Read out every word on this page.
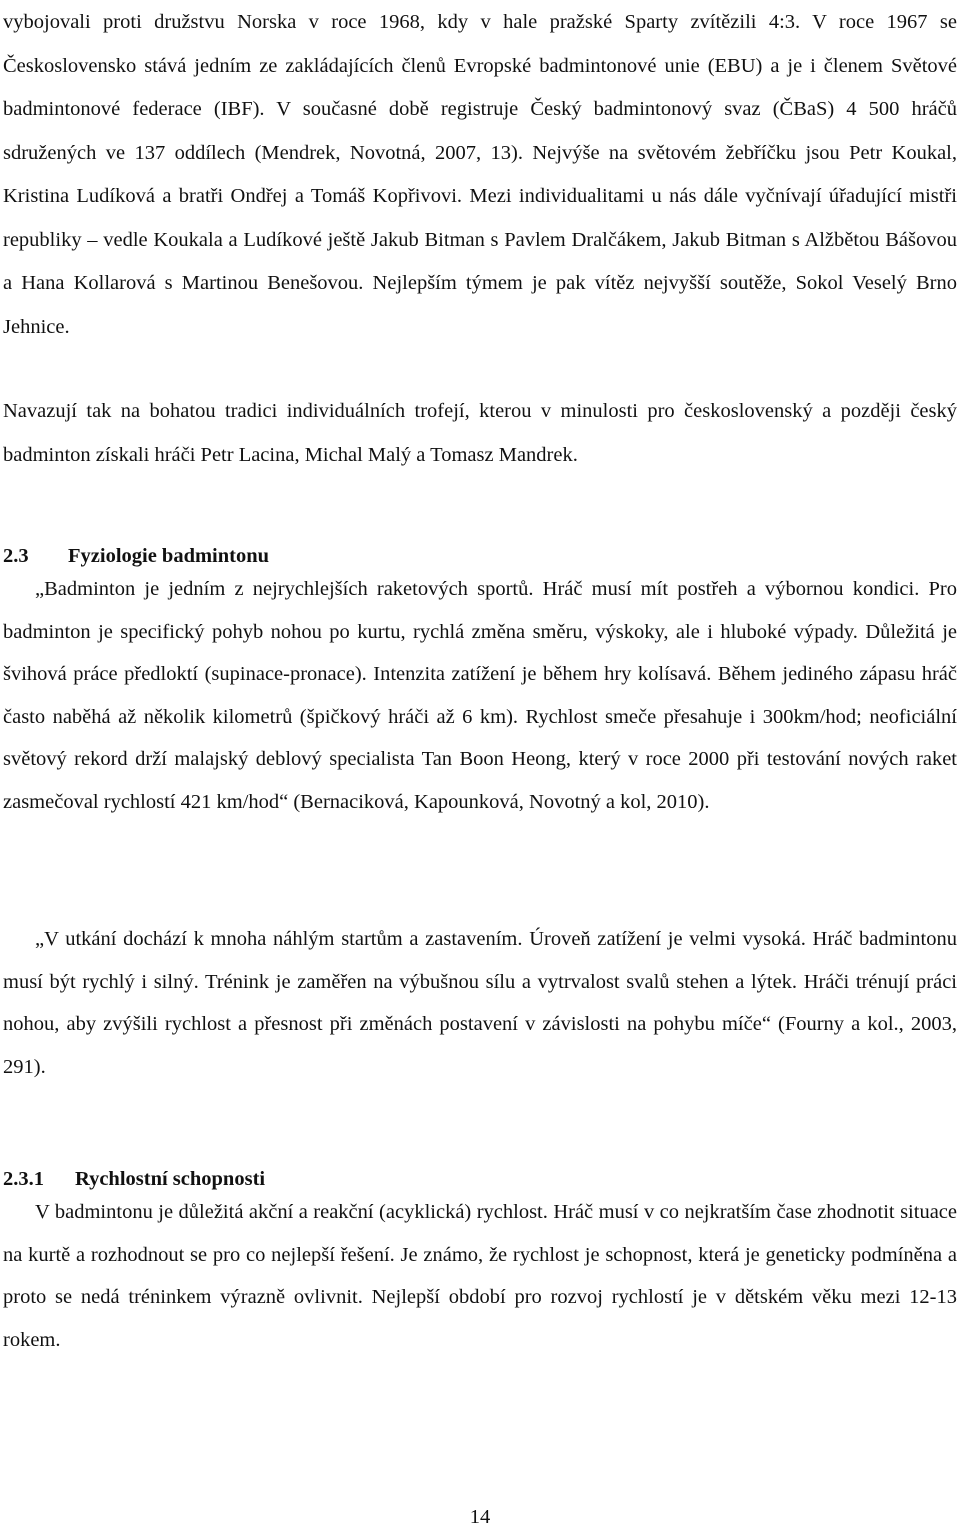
vybojovali proti družstvu Norska v roce 1968, kdy v hale pražské Sparty zvítězili 4:3. V roce 1967 se Československo stává jedním ze zakládajících členů Evropské badmintonové unie (EBU) a je i členem Světové badmintonové federace (IBF). V současné době registruje Český badmintonový svaz (ČBaS) 4 500 hráčů sdružených ve 137 oddílech (Mendrek, Novotná, 2007, 13). Nejvýše na světovém žebříčku jsou Petr Koukal, Kristina Ludíková a bratři Ondřej a Tomáš Kopřivovi. Mezi individualitami u nás dále vyčnívají úřadující mistři republiky – vedle Koukala a Ludíkové ještě Jakub Bitman s Pavlem Dralčákem, Jakub Bitman s Alžbětou Bášovou a Hana Kollarová s Martinou Benešovou. Nejlepším týmem je pak vítěz nejvyšší soutěže, Sokol Veselý Brno Jehnice.

Navazují tak na bohatou tradici individuálních trofejí, kterou v minulosti pro československý a později český badminton získali hráči Petr Lacina, Michal Malý a Tomasz Mandrek.

2.3 Fyziologie badmintonu

„Badminton je jedním z nejrychlejších raketových sportů. Hráč musí mít postřeh a výbornou kondici. Pro badminton je specifický pohyb nohou po kurtu, rychlá změna směru, výskoky, ale i hluboké výpady. Důležitá je švihová práce předloktí (supinace-pronace). Intenzita zatížení je během hry kolísavá. Během jediného zápasu hráč často naběhá až několik kilometrů (špičkový hráči až 6 km). Rychlost smeče přesahuje i 300km/hod; neoficiální světový rekord drží malajský deblový specialista Tan Boon Heong, který v roce 2000 při testování nových raket zasmečoval rychlostí 421 km/hod“ (Bernaciková, Kapounková, Novotný a kol, 2010).

„V utkání dochází k mnoha náhlým startům a zastavením. Úroveň zatížení je velmi vysoká. Hráč badmintonu musí být rychlý i silný. Trénink je zaměřen na výbušnou sílu a vytrvalost svalů stehen a lýtek. Hráči trénují práci nohou, aby zvýšili rychlost a přesnost při změnách postavení v závislosti na pohybu míče“ (Fourny a kol., 2003, 291).

2.3.1 Rychlostní schopnosti

V badmintonu je důležitá akční a reakční (acyklická) rychlost. Hráč musí v co nejkratším čase zhodnotit situace na kurtě a rozhodnout se pro co nejlepší řešení. Je známo, že rychlost je schopnost, která je geneticky podmíněna a proto se nedá tréninkem výrazně ovlivnit. Nejlepší období pro rozvoj rychlostí je v dětském věku mezi 12-13 rokem.

14
